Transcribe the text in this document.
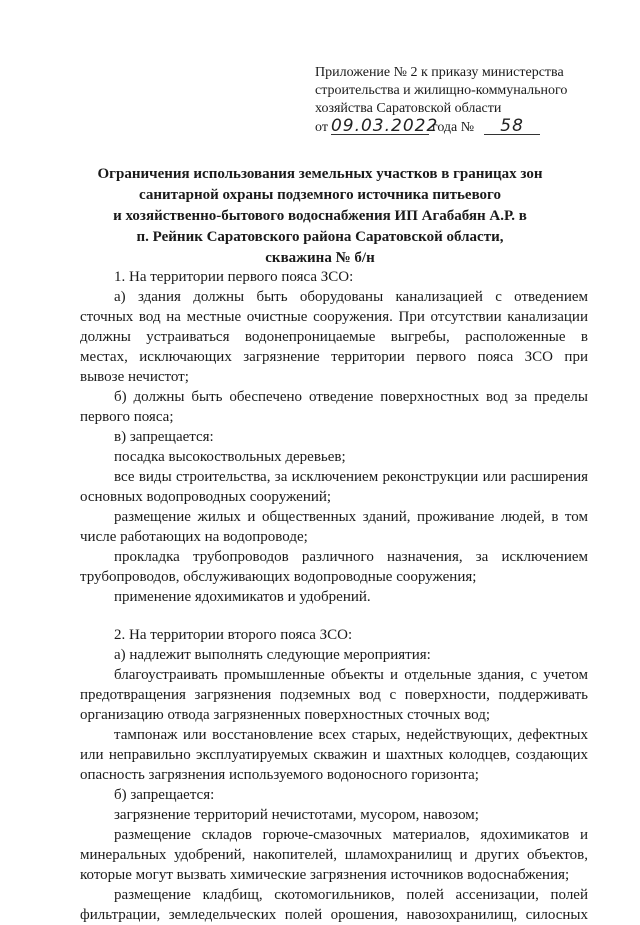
Приложение № 2 к приказу министерства
строительства и жилищно-коммунального
хозяйства Саратовской области
от 09.03.2022года № 58
Ограничения использования земельных участков в границах зон
санитарной охраны подземного источника питьевого
и хозяйственно-бытового водоснабжения ИП Агабабян А.Р. в
п. Рейник Саратовского района Саратовской области,
скважина № б/н
1. На территории первого пояса ЗСО:
а) здания должны быть оборудованы канализацией с отведением
сточных вод на местные очистные сооружения. При отсутствии канализации
должны устраиваться водонепроницаемые выгребы, расположенные в
местах, исключающих загрязнение территории первого пояса ЗСО при
вывозе нечистот;
б) должны быть обеспечено отведение поверхностных вод за пределы
первого пояса;
в) запрещается:
посадка высокоствольных деревьев;
все виды строительства, за исключением реконструкции или расширения
основных водопроводных сооружений;
размещение жилых и общественных зданий, проживание людей, в том
числе работающих на водопроводе;
прокладка трубопроводов различного назначения, за исключением
трубопроводов, обслуживающих водопроводные сооружения;
применение ядохимикатов и удобрений.
2. На территории второго пояса ЗСО:
а) надлежит выполнять следующие мероприятия:
благоустраивать промышленные объекты и отдельные здания, с учетом
предотвращения загрязнения подземных вод с поверхности, поддерживать
организацию отвода загрязненных поверхностных сточных вод;
тампонаж или восстановление всех старых, недействующих, дефектных
или неправильно эксплуатируемых скважин и шахтных колодцев, создающих
опасность загрязнения используемого водоносного горизонта;
б) запрещается:
загрязнение территорий нечистотами, мусором, навозом;
размещение складов горюче-смазочных материалов, ядохимикатов и
минеральных удобрений, накопителей, шламохранилищ и других объектов,
которые могут вызвать химические загрязнения источников водоснабжения;
размещение кладбищ, скотомогильников, полей ассенизации, полей
фильтрации, земледельческих полей орошения, навозохранилищ, силосных
